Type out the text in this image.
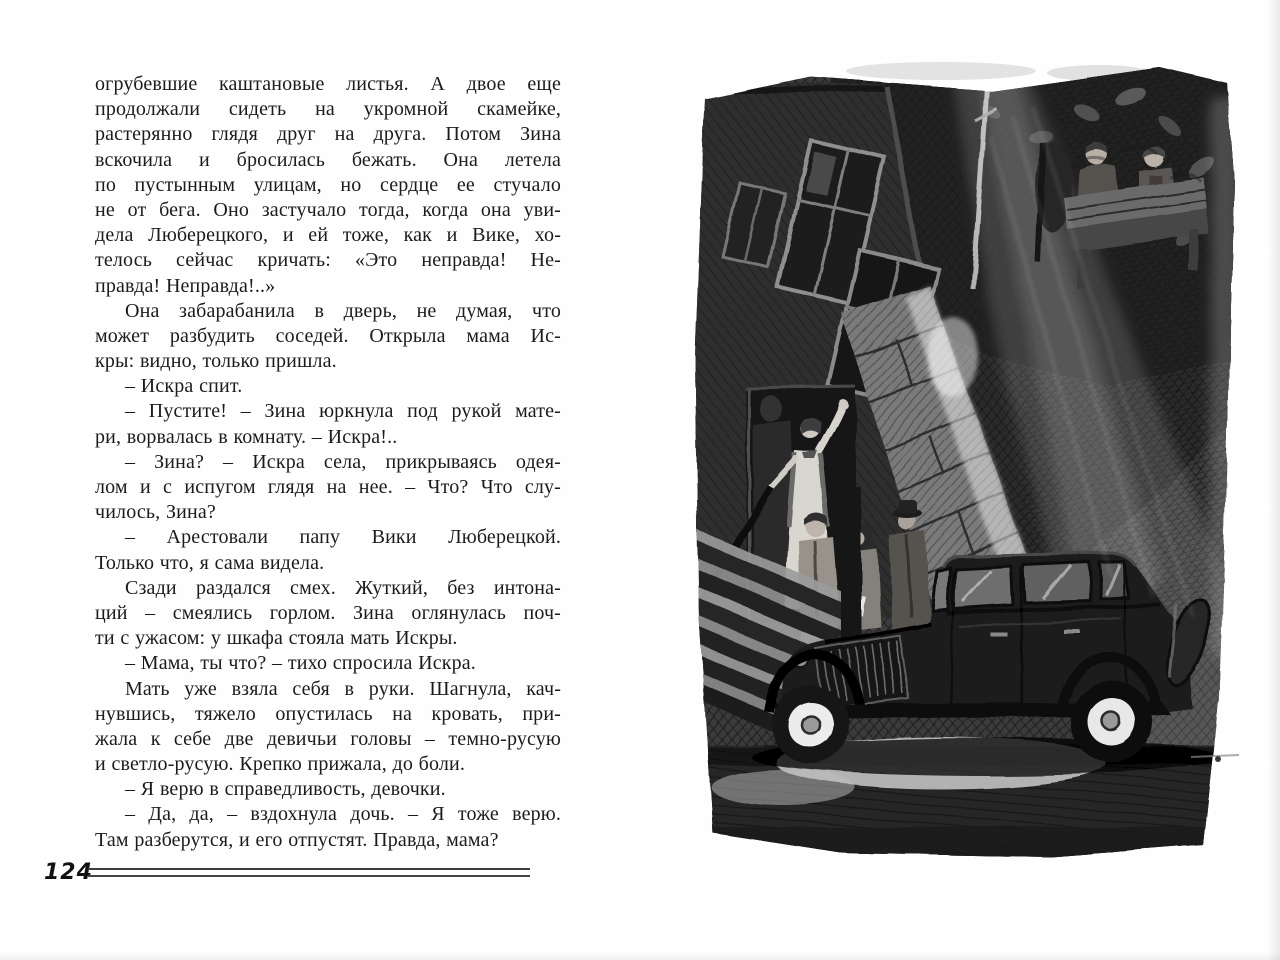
огрубевшие каштановые листья. А двое еще
продолжали сидеть на укромной скамейке,
растерянно глядя друг на друга. Потом Зина
вскочила и бросилась бежать. Она летела
по пустынным улицам, но сердце ее стучало
не от бега. Оно застучало тогда, когда она уви-
дела Люберецкого, и ей тоже, как и Вике, хо-
телось сейчас кричать: «Это неправда! Не-
правда! Неправда!..»
Она забарабанила в дверь, не думая, что
может разбудить соседей. Открыла мама Ис-
кры: видно, только пришла.
– Искра спит.
– Пустите! – Зина юркнула под рукой мате-
ри, ворвалась в комнату. – Искра!..
– Зина? – Искра села, прикрываясь одея-
лом и с испугом глядя на нее. – Что? Что слу-
чилось, Зина?
– Арестовали папу Вики Люберецкой.
Только что, я сама видела.
Сзади раздался смех. Жуткий, без интона-
ций – смеялись горлом. Зина оглянулась поч-
ти с ужасом: у шкафа стояла мать Искры.
– Мама, ты что? – тихо спросила Искра.
Мать уже взяла себя в руки. Шагнула, кач-
нувшись, тяжело опустилась на кровать, при-
жала к себе две девичьи головы – темно-русую
и светло-русую. Крепко прижала, до боли.
– Я верю в справедливость, девочки.
– Да, да, – вздохнула дочь. – Я тоже верю.
Там разберутся, и его отпустят. Правда, мама?
124
